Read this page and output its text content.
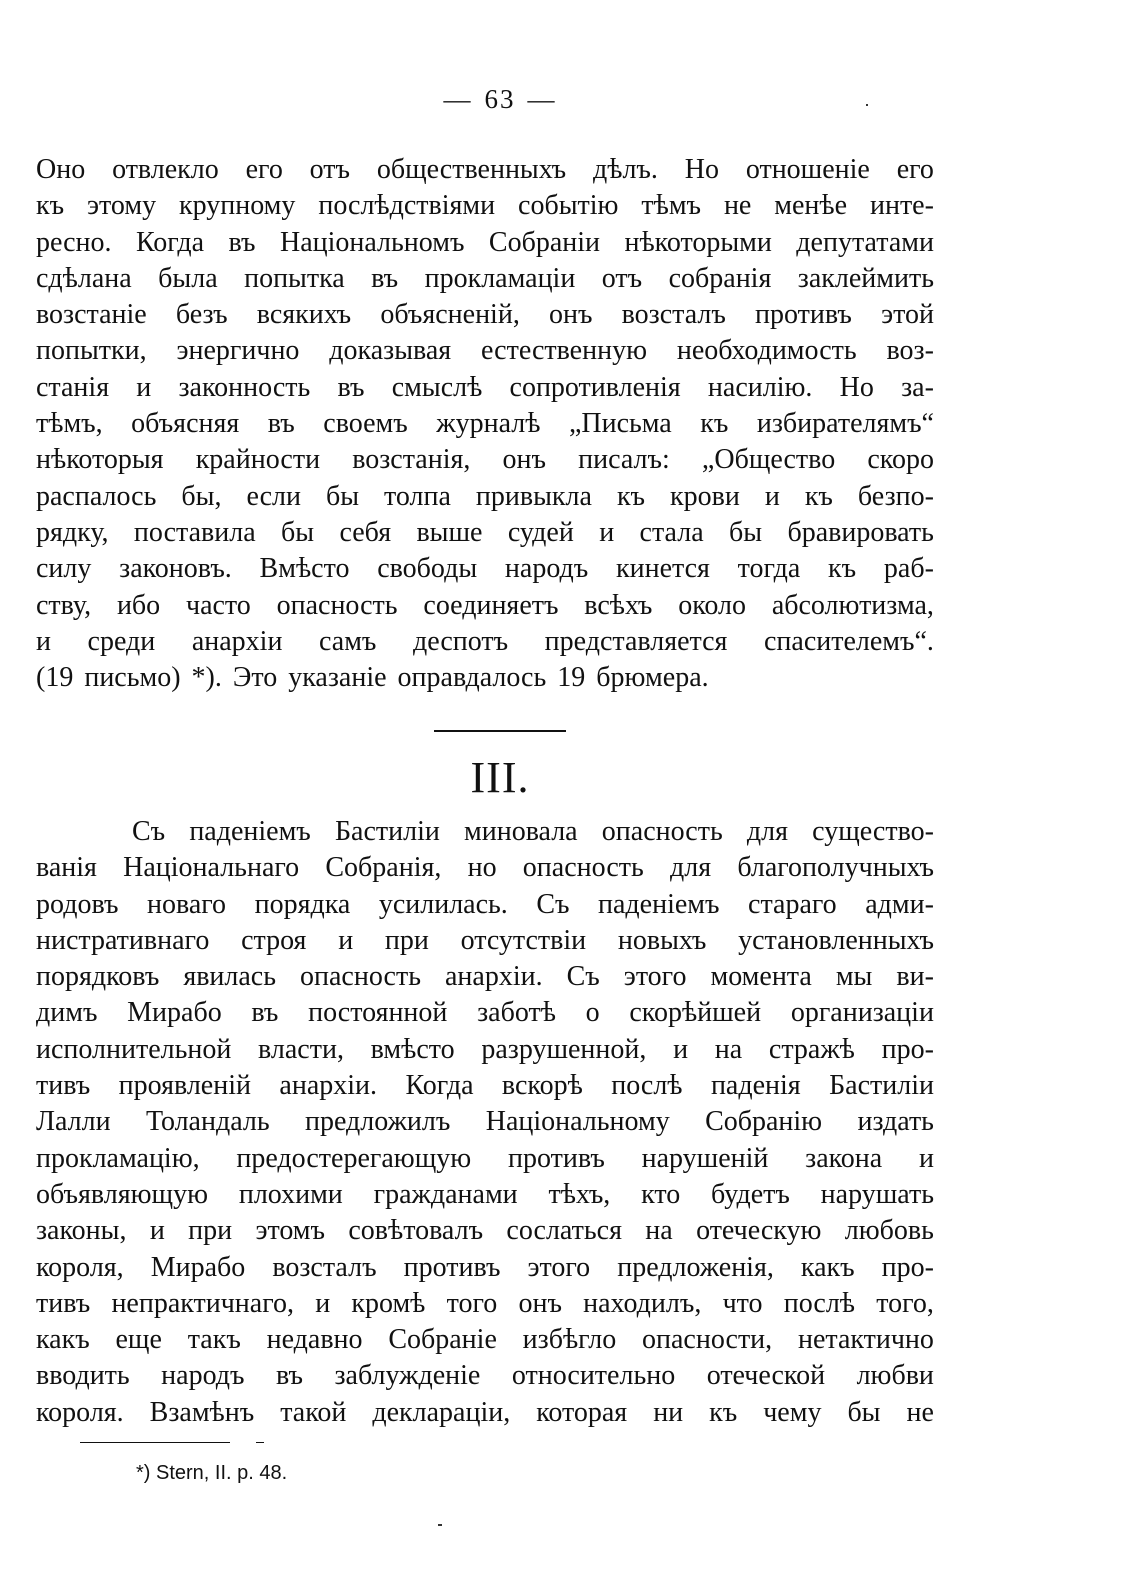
— 63 —
Оно отвлекло его отъ общественныхъ дѣлъ. Но отношеніе его
къ этому крупному послѣдствіями событію тѣмъ не менѣе инте-
ресно. Когда въ Національномъ Собраніи нѣкоторыми депутатами
сдѣлана была попытка въ прокламаціи отъ собранія заклеймить
возстаніе безъ всякихъ объясненій, онъ возсталъ противъ этой
попытки, энергично доказывая естественную необходимость воз-
станія и законность въ смыслѣ сопротивленія насилію. Но за-
тѣмъ, объясняя въ своемъ журналѣ „Письма къ избирателямъ“
нѣкоторыя крайности возстанія, онъ писалъ: „Общество скоро
распалось бы, если бы толпа привыкла къ крови и къ безпо-
рядку, поставила бы себя выше судей и стала бы бравировать
силу законовъ. Вмѣсто свободы народъ кинется тогда къ раб-
ству, ибо часто опасность соединяетъ всѣхъ около абсолютизма,
и среди анархіи самъ деспотъ представляется спасителемъ“.
(19 письмо) *). Это указаніе оправдалось 19 брюмера.
III.
Съ паденіемъ Бастиліи миновала опасность для существо-
ванія Національнаго Собранія, но опасность для благополучныхъ
родовъ новаго порядка усилилась. Съ паденіемъ стараго адми-
нистративнаго строя и при отсутствіи новыхъ установленныхъ
порядковъ явилась опасность анархіи. Съ этого момента мы ви-
димъ Мирабо въ постоянной заботѣ о скорѣйшей организаціи
исполнительной власти, вмѣсто разрушенной, и на стражѣ про-
тивъ проявленій анархіи. Когда вскорѣ послѣ паденія Бастиліи
Лалли Толандаль предложилъ Національному Собранію издать
прокламацію, предостерегающую противъ нарушеній закона и
объявляющую плохими гражданами тѣхъ, кто будетъ нарушать
законы, и при этомъ совѣтовалъ сослаться на отеческую любовь
короля, Мирабо возсталъ противъ этого предложенія, какъ про-
тивъ непрактичнаго, и кромѣ того онъ находилъ, что послѣ того,
какъ еще такъ недавно Собраніе избѣгло опасности, нетактично
вводить народъ въ заблужденіе относительно отеческой любви
короля. Взамѣнъ такой деклараціи, которая ни къ чему бы не
*) Stern, II. p. 48.
